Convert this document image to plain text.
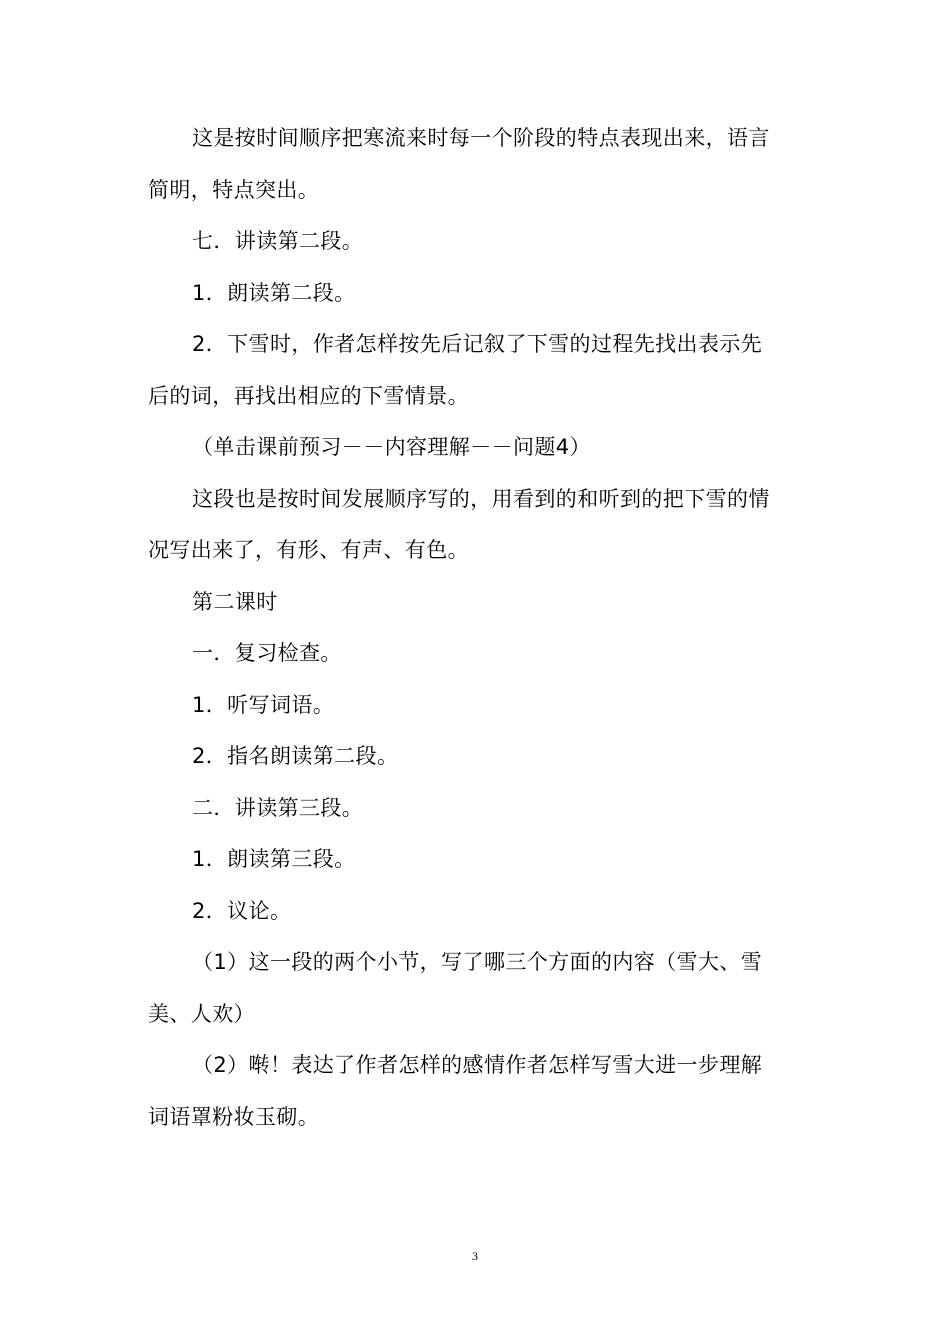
这是按时间顺序把寒流来时每一个阶段的特点表现出来，语言
简明，特点突出。
七．讲读第二段。
1．朗读第二段。
2．下雪时，作者怎样按先后记叙了下雪的过程先找出表示先
后的词，再找出相应的下雪情景。
（单击课前预习－－内容理解－－问题4）
这段也是按时间发展顺序写的，用看到的和听到的把下雪的情
况写出来了，有形、有声、有色。
第二课时
一．复习检查。
1．听写词语。
2．指名朗读第二段。
二．讲读第三段。
1．朗读第三段。
2．议论。
（1）这一段的两个小节，写了哪三个方面的内容（雪大、雪
美、人欢）
（2）啭！表达了作者怎样的感情作者怎样写雪大进一步理解
词语罩粉妆玉砌。
3
